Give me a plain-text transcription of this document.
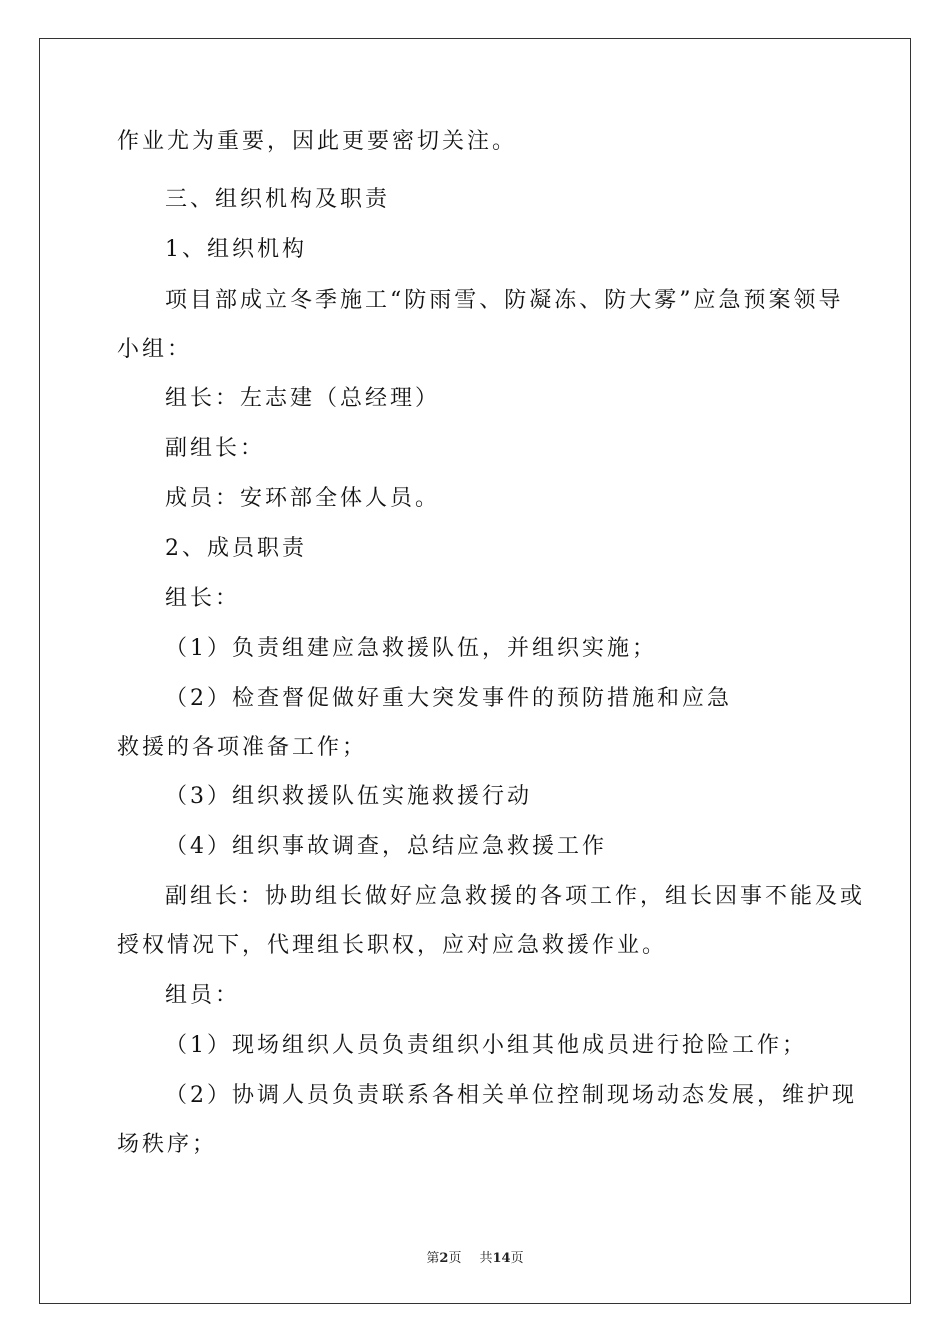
作业尤为重要，因此更要密切关注。
三、组织机构及职责
1、组织机构
项目部成立冬季施工“防雨雪、防凝冻、防大雾”应急预案领导
小组：
组长：左志建（总经理）
副组长：
成员：安环部全体人员。
2、成员职责
组长：
（1）负责组建应急救援队伍，并组织实施；
（2）检查督促做好重大突发事件的预防措施和应急
救援的各项准备工作；
（3）组织救援队伍实施救援行动
（4）组织事故调查，总结应急救援工作
副组长：协助组长做好应急救援的各项工作，组长因事不能及或
授权情况下，代理组长职权，应对应急救援作业。
组员：
（1）现场组织人员负责组织小组其他成员进行抢险工作；
（2）协调人员负责联系各相关单位控制现场动态发展，维护现
场秩序；
第2页 共14页
